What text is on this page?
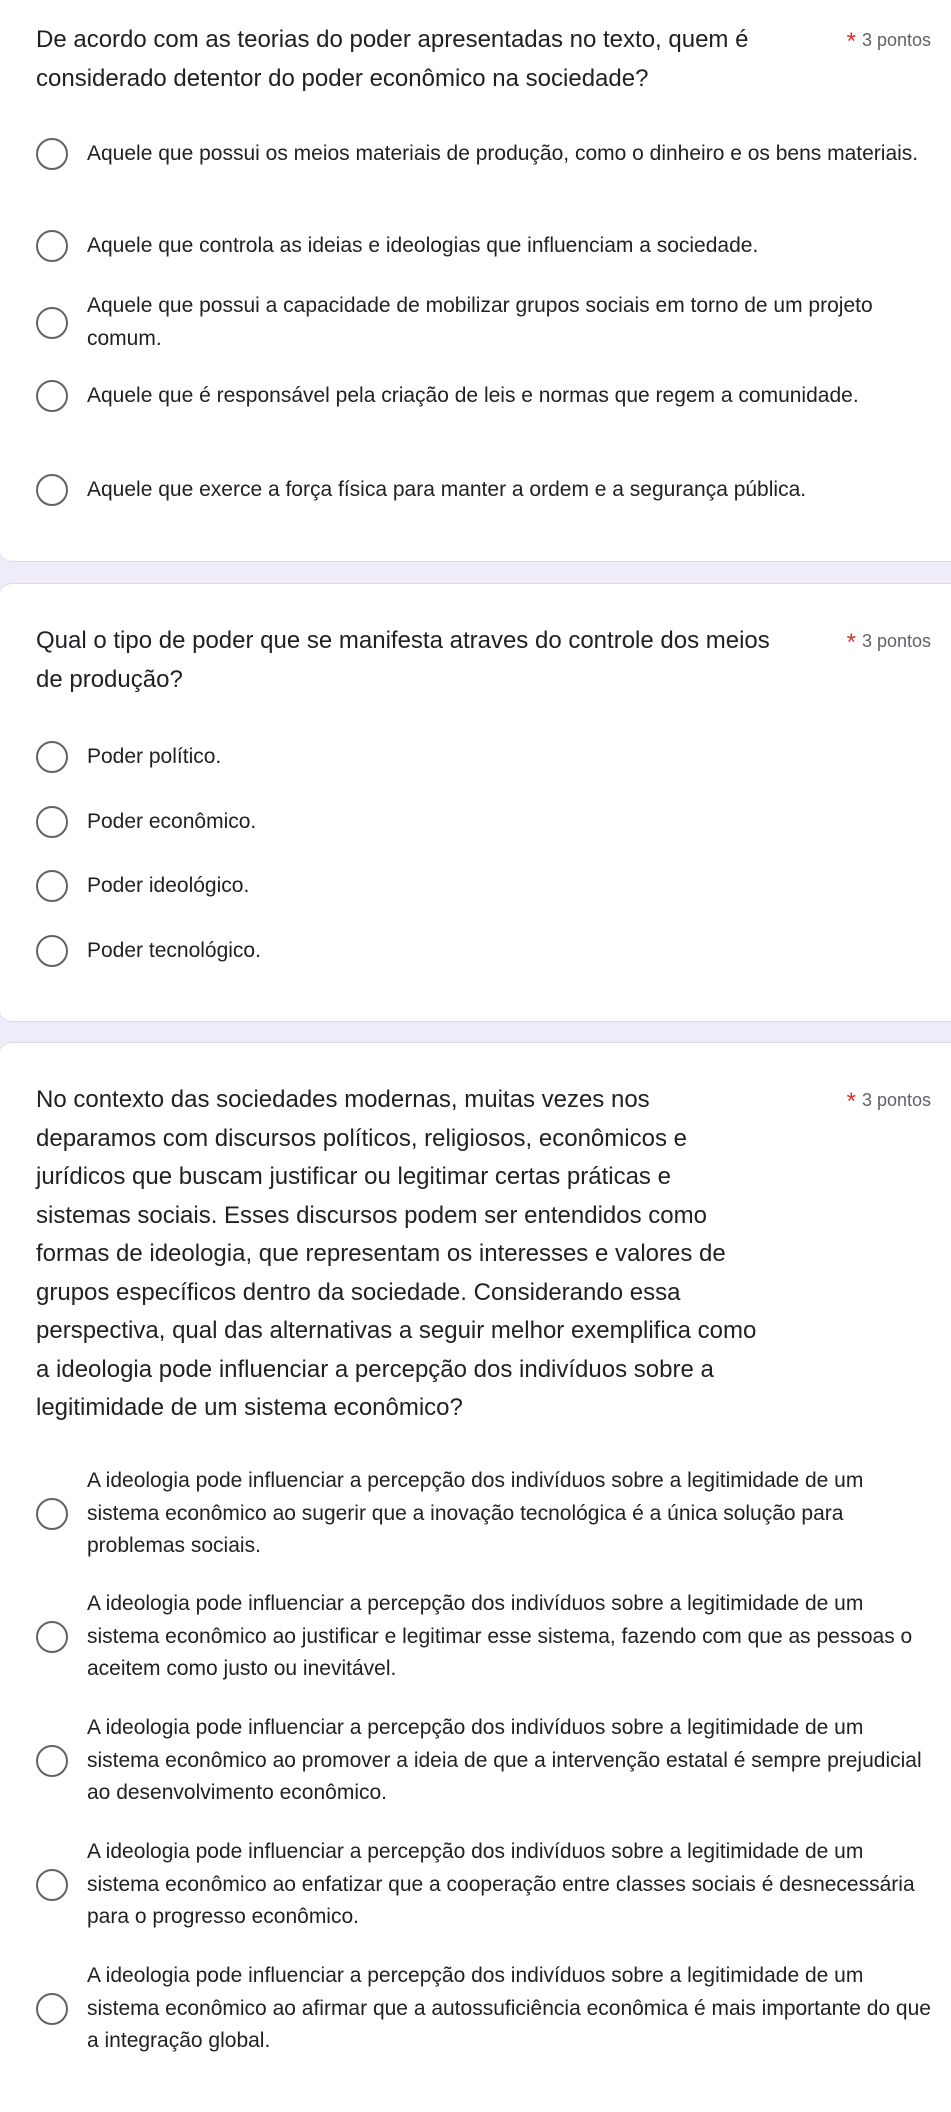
De acordo com as teorias do poder apresentadas no texto, quem é considerado detentor do poder econômico na sociedade?
* 3 pontos
Aquele que possui os meios materiais de produção, como o dinheiro e os bens materiais.
Aquele que controla as ideias e ideologias que influenciam a sociedade.
Aquele que possui a capacidade de mobilizar grupos sociais em torno de um projeto comum.
Aquele que é responsável pela criação de leis e normas que regem a comunidade.
Aquele que exerce a força física para manter a ordem e a segurança pública.
Qual o tipo de poder que se manifesta atraves do controle dos meios de produção?
* 3 pontos
Poder político.
Poder econômico.
Poder ideológico.
Poder tecnológico.
No contexto das sociedades modernas, muitas vezes nos deparamos com discursos políticos, religiosos, econômicos e jurídicos que buscam justificar ou legitimar certas práticas e sistemas sociais. Esses discursos podem ser entendidos como formas de ideologia, que representam os interesses e valores de grupos específicos dentro da sociedade. Considerando essa perspectiva, qual das alternativas a seguir melhor exemplifica como a ideologia pode influenciar a percepção dos indivíduos sobre a legitimidade de um sistema econômico?
* 3 pontos
A ideologia pode influenciar a percepção dos indivíduos sobre a legitimidade de um sistema econômico ao sugerir que a inovação tecnológica é a única solução para problemas sociais.
A ideologia pode influenciar a percepção dos indivíduos sobre a legitimidade de um sistema econômico ao justificar e legitimar esse sistema, fazendo com que as pessoas o aceitem como justo ou inevitável.
A ideologia pode influenciar a percepção dos indivíduos sobre a legitimidade de um sistema econômico ao promover a ideia de que a intervenção estatal é sempre prejudicial ao desenvolvimento econômico.
A ideologia pode influenciar a percepção dos indivíduos sobre a legitimidade de um sistema econômico ao enfatizar que a cooperação entre classes sociais é desnecessária para o progresso econômico.
A ideologia pode influenciar a percepção dos indivíduos sobre a legitimidade de um sistema econômico ao afirmar que a autossuficiência econômica é mais importante do que a integração global.
